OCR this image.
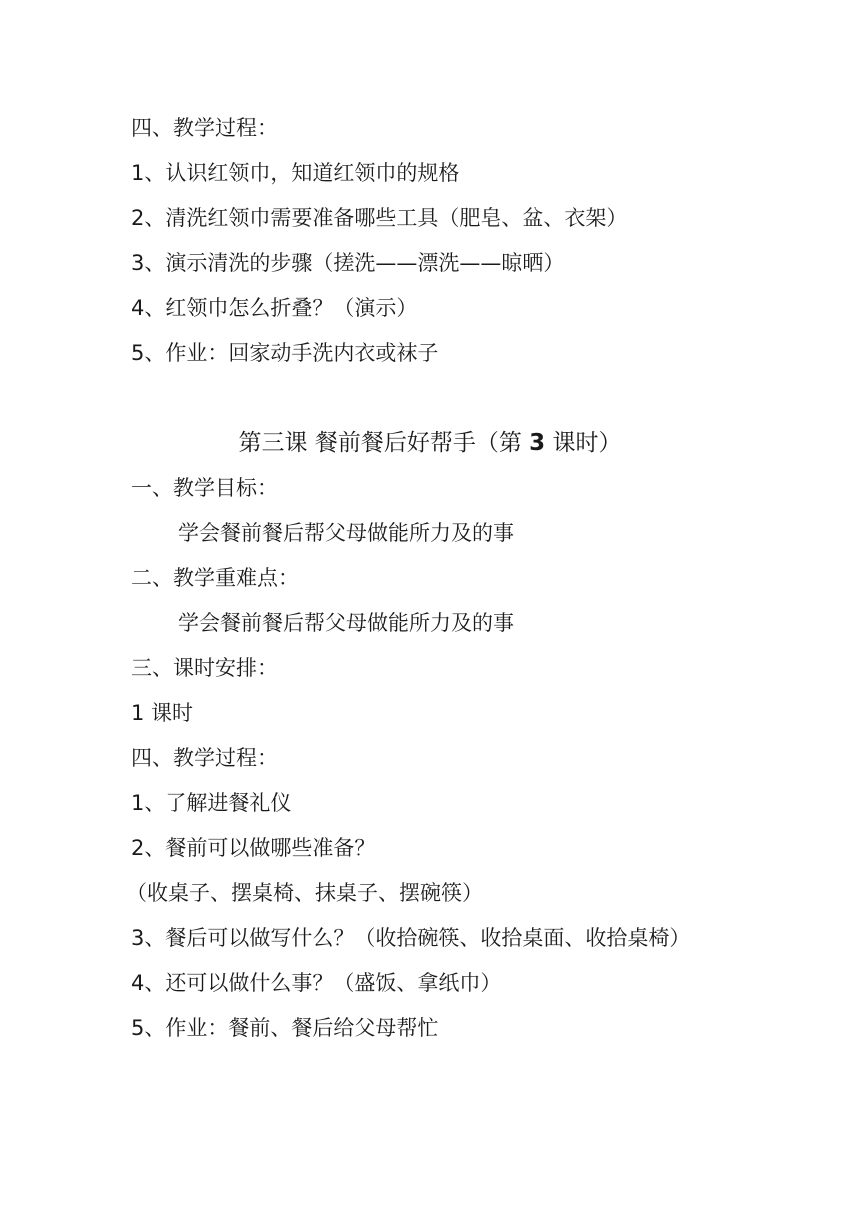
四、教学过程：
1、认识红领巾，知道红领巾的规格
2、清洗红领巾需要准备哪些工具（肥皂、盆、衣架）
3、演示清洗的步骤（搓洗——漂洗——晾晒）
4、红领巾怎么折叠？（演示）
5、作业：回家动手洗内衣或袜子
第三课 餐前餐后好帮手（第 3 课时）
一、教学目标：
学会餐前餐后帮父母做能所力及的事
二、教学重难点：
学会餐前餐后帮父母做能所力及的事
三、课时安排：
1 课时
四、教学过程：
1、了解进餐礼仪
2、餐前可以做哪些准备？
（收桌子、摆桌椅、抹桌子、摆碗筷）
3、餐后可以做写什么？（收拾碗筷、收拾桌面、收拾桌椅）
4、还可以做什么事？（盛饭、拿纸巾）
5、作业：餐前、餐后给父母帮忙
